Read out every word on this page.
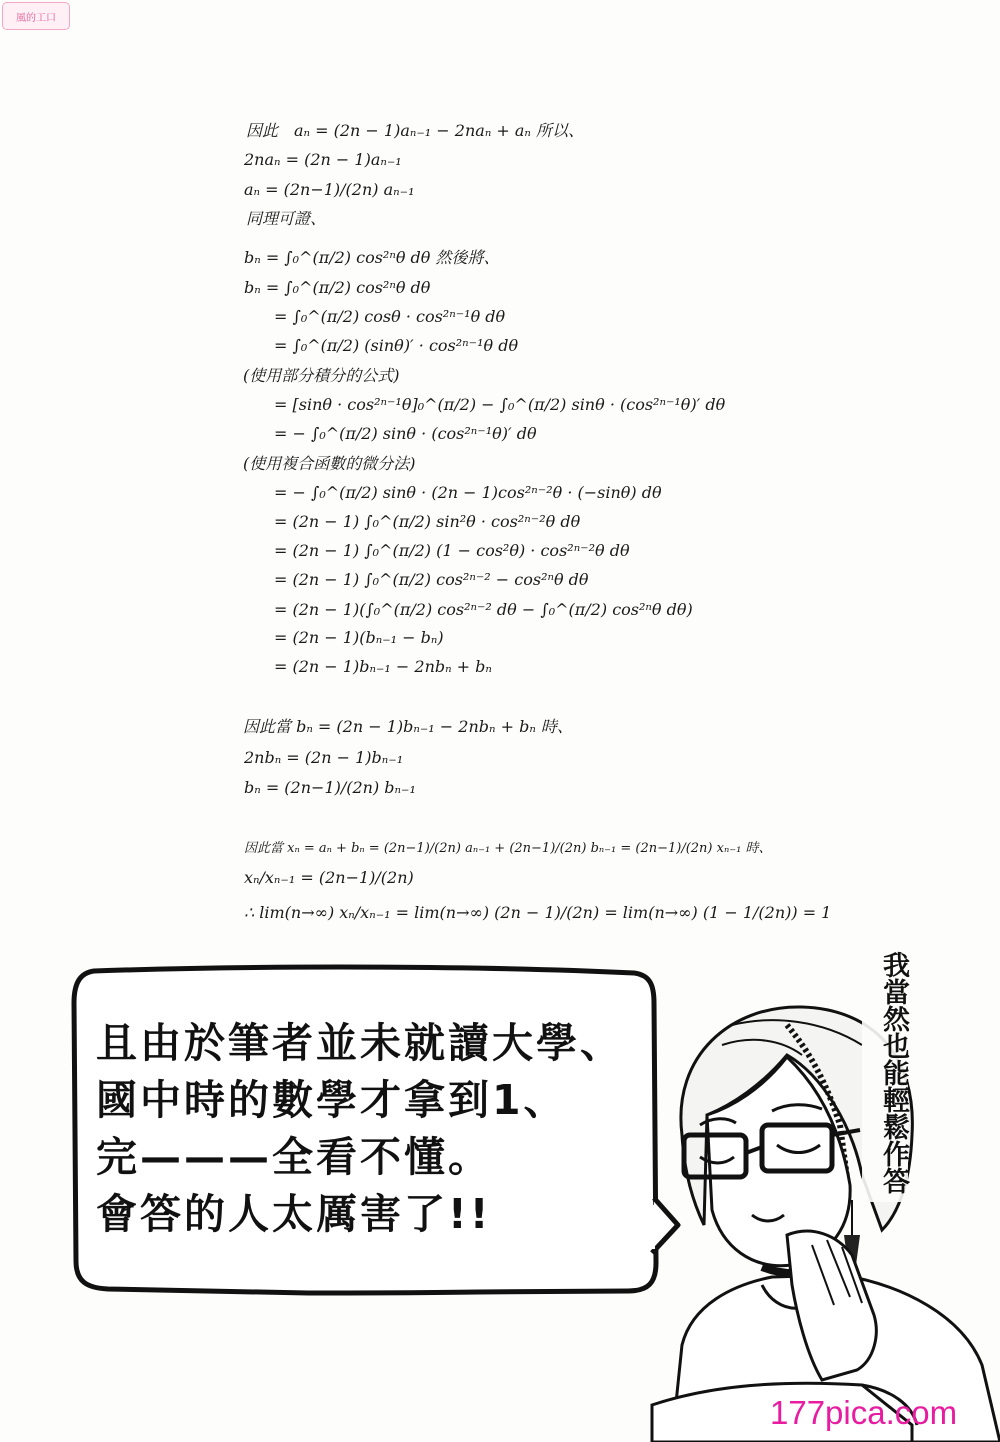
風的工口
因此　aₙ = (2n − 1)aₙ₋₁ − 2naₙ + aₙ 所以、
2naₙ = (2n − 1)aₙ₋₁
aₙ = (2n−1)/(2n) aₙ₋₁
同理可證、
bₙ = ∫₀^(π/2) cos²ⁿθ dθ 然後將、
bₙ = ∫₀^(π/2) cos²ⁿθ dθ
= ∫₀^(π/2) cosθ · cos²ⁿ⁻¹θ dθ
= ∫₀^(π/2) (sinθ)′ · cos²ⁿ⁻¹θ dθ
(使用部分積分的公式)
= [sinθ · cos²ⁿ⁻¹θ]₀^(π/2) − ∫₀^(π/2) sinθ · (cos²ⁿ⁻¹θ)′ dθ
= − ∫₀^(π/2) sinθ · (cos²ⁿ⁻¹θ)′ dθ
(使用複合函數的微分法)
= − ∫₀^(π/2) sinθ · (2n − 1)cos²ⁿ⁻²θ · (−sinθ) dθ
= (2n − 1) ∫₀^(π/2) sin²θ · cos²ⁿ⁻²θ dθ
= (2n − 1) ∫₀^(π/2) (1 − cos²θ) · cos²ⁿ⁻²θ dθ
= (2n − 1) ∫₀^(π/2) cos²ⁿ⁻² − cos²ⁿθ dθ
= (2n − 1)(∫₀^(π/2) cos²ⁿ⁻² dθ − ∫₀^(π/2) cos²ⁿθ dθ)
= (2n − 1)(bₙ₋₁ − bₙ)
= (2n − 1)bₙ₋₁ − 2nbₙ + bₙ
因此當 bₙ = (2n − 1)bₙ₋₁ − 2nbₙ + bₙ 時、
2nbₙ = (2n − 1)bₙ₋₁
bₙ = (2n−1)/(2n) bₙ₋₁
因此當 xₙ = aₙ + bₙ = (2n−1)/(2n) aₙ₋₁ + (2n−1)/(2n) bₙ₋₁ = (2n−1)/(2n) xₙ₋₁ 時、
xₙ/xₙ₋₁ = (2n−1)/(2n)
∴ lim(n→∞) xₙ/xₙ₋₁ = lim(n→∞) (2n − 1)/(2n) = lim(n→∞) (1 − 1/(2n)) = 1
且由於筆者並未就讀大學、
國中時的數學才拿到1、
完———全看不懂。
會答的人太厲害了!!
我當然也能輕鬆作答
177pica.com
